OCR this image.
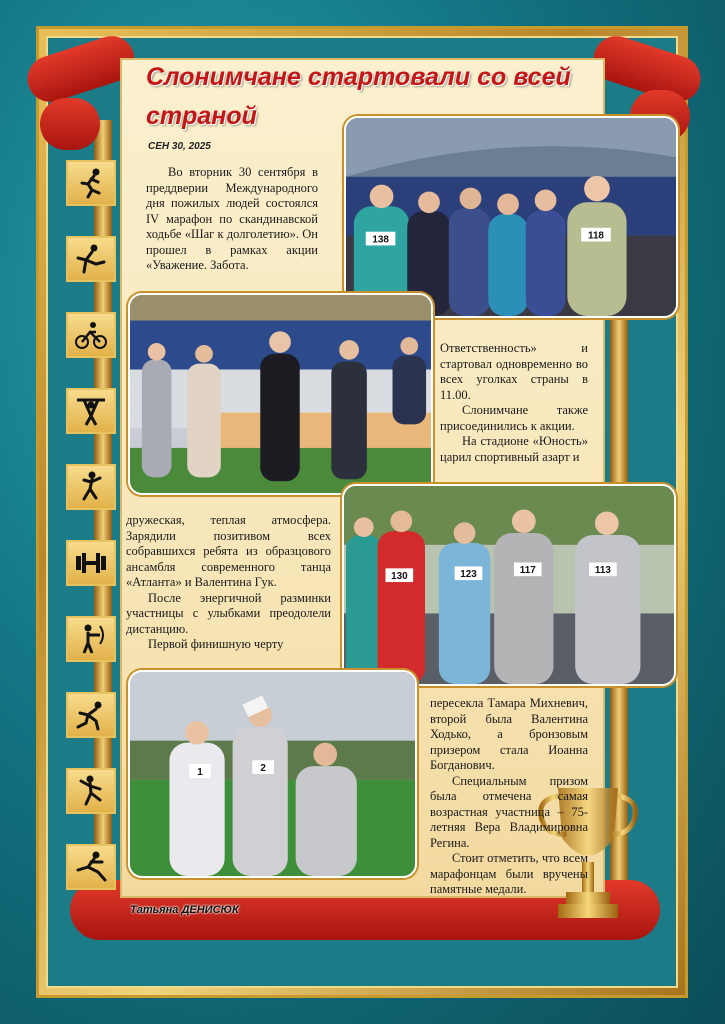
Слонимчане стартовали со всей страной
СЕН 30, 2025

Во вторник 30 сентября в преддверии Международного дня пожилых людей состоялся IV марафон по скандинавской ходьбе «Шаг к долголетию». Он прошел в рамках акции «Уважение. Забота.

Ответственность» и стартовал одновременно во всех уголках страны в 11.00.

Слонимчане также присоединились к акции.

На стадионе «Юность» царил спортивный азарт и

дружеская, теплая атмосфера. Зарядили позитивом всех собравшихся ребята из образцового ансамбля современного танца «Атланта» и Валентина Гук.

После энергичной разминки участницы с улыбками преодолели дистанцию.

Первой финишную черту

пересекла Тамара Михневич, второй была Валентина Ходько, а бронзовым призером стала Иоанна Богданович.

Специальным призом была отмечена самая возрастная участница – 75-летняя Вера Владимировна Регина.

Стоит отметить, что всем марафонцам были вручены памятные медали.

138	118
130	123	117	113
1	2
Татьяна ДЕНИСЮК
